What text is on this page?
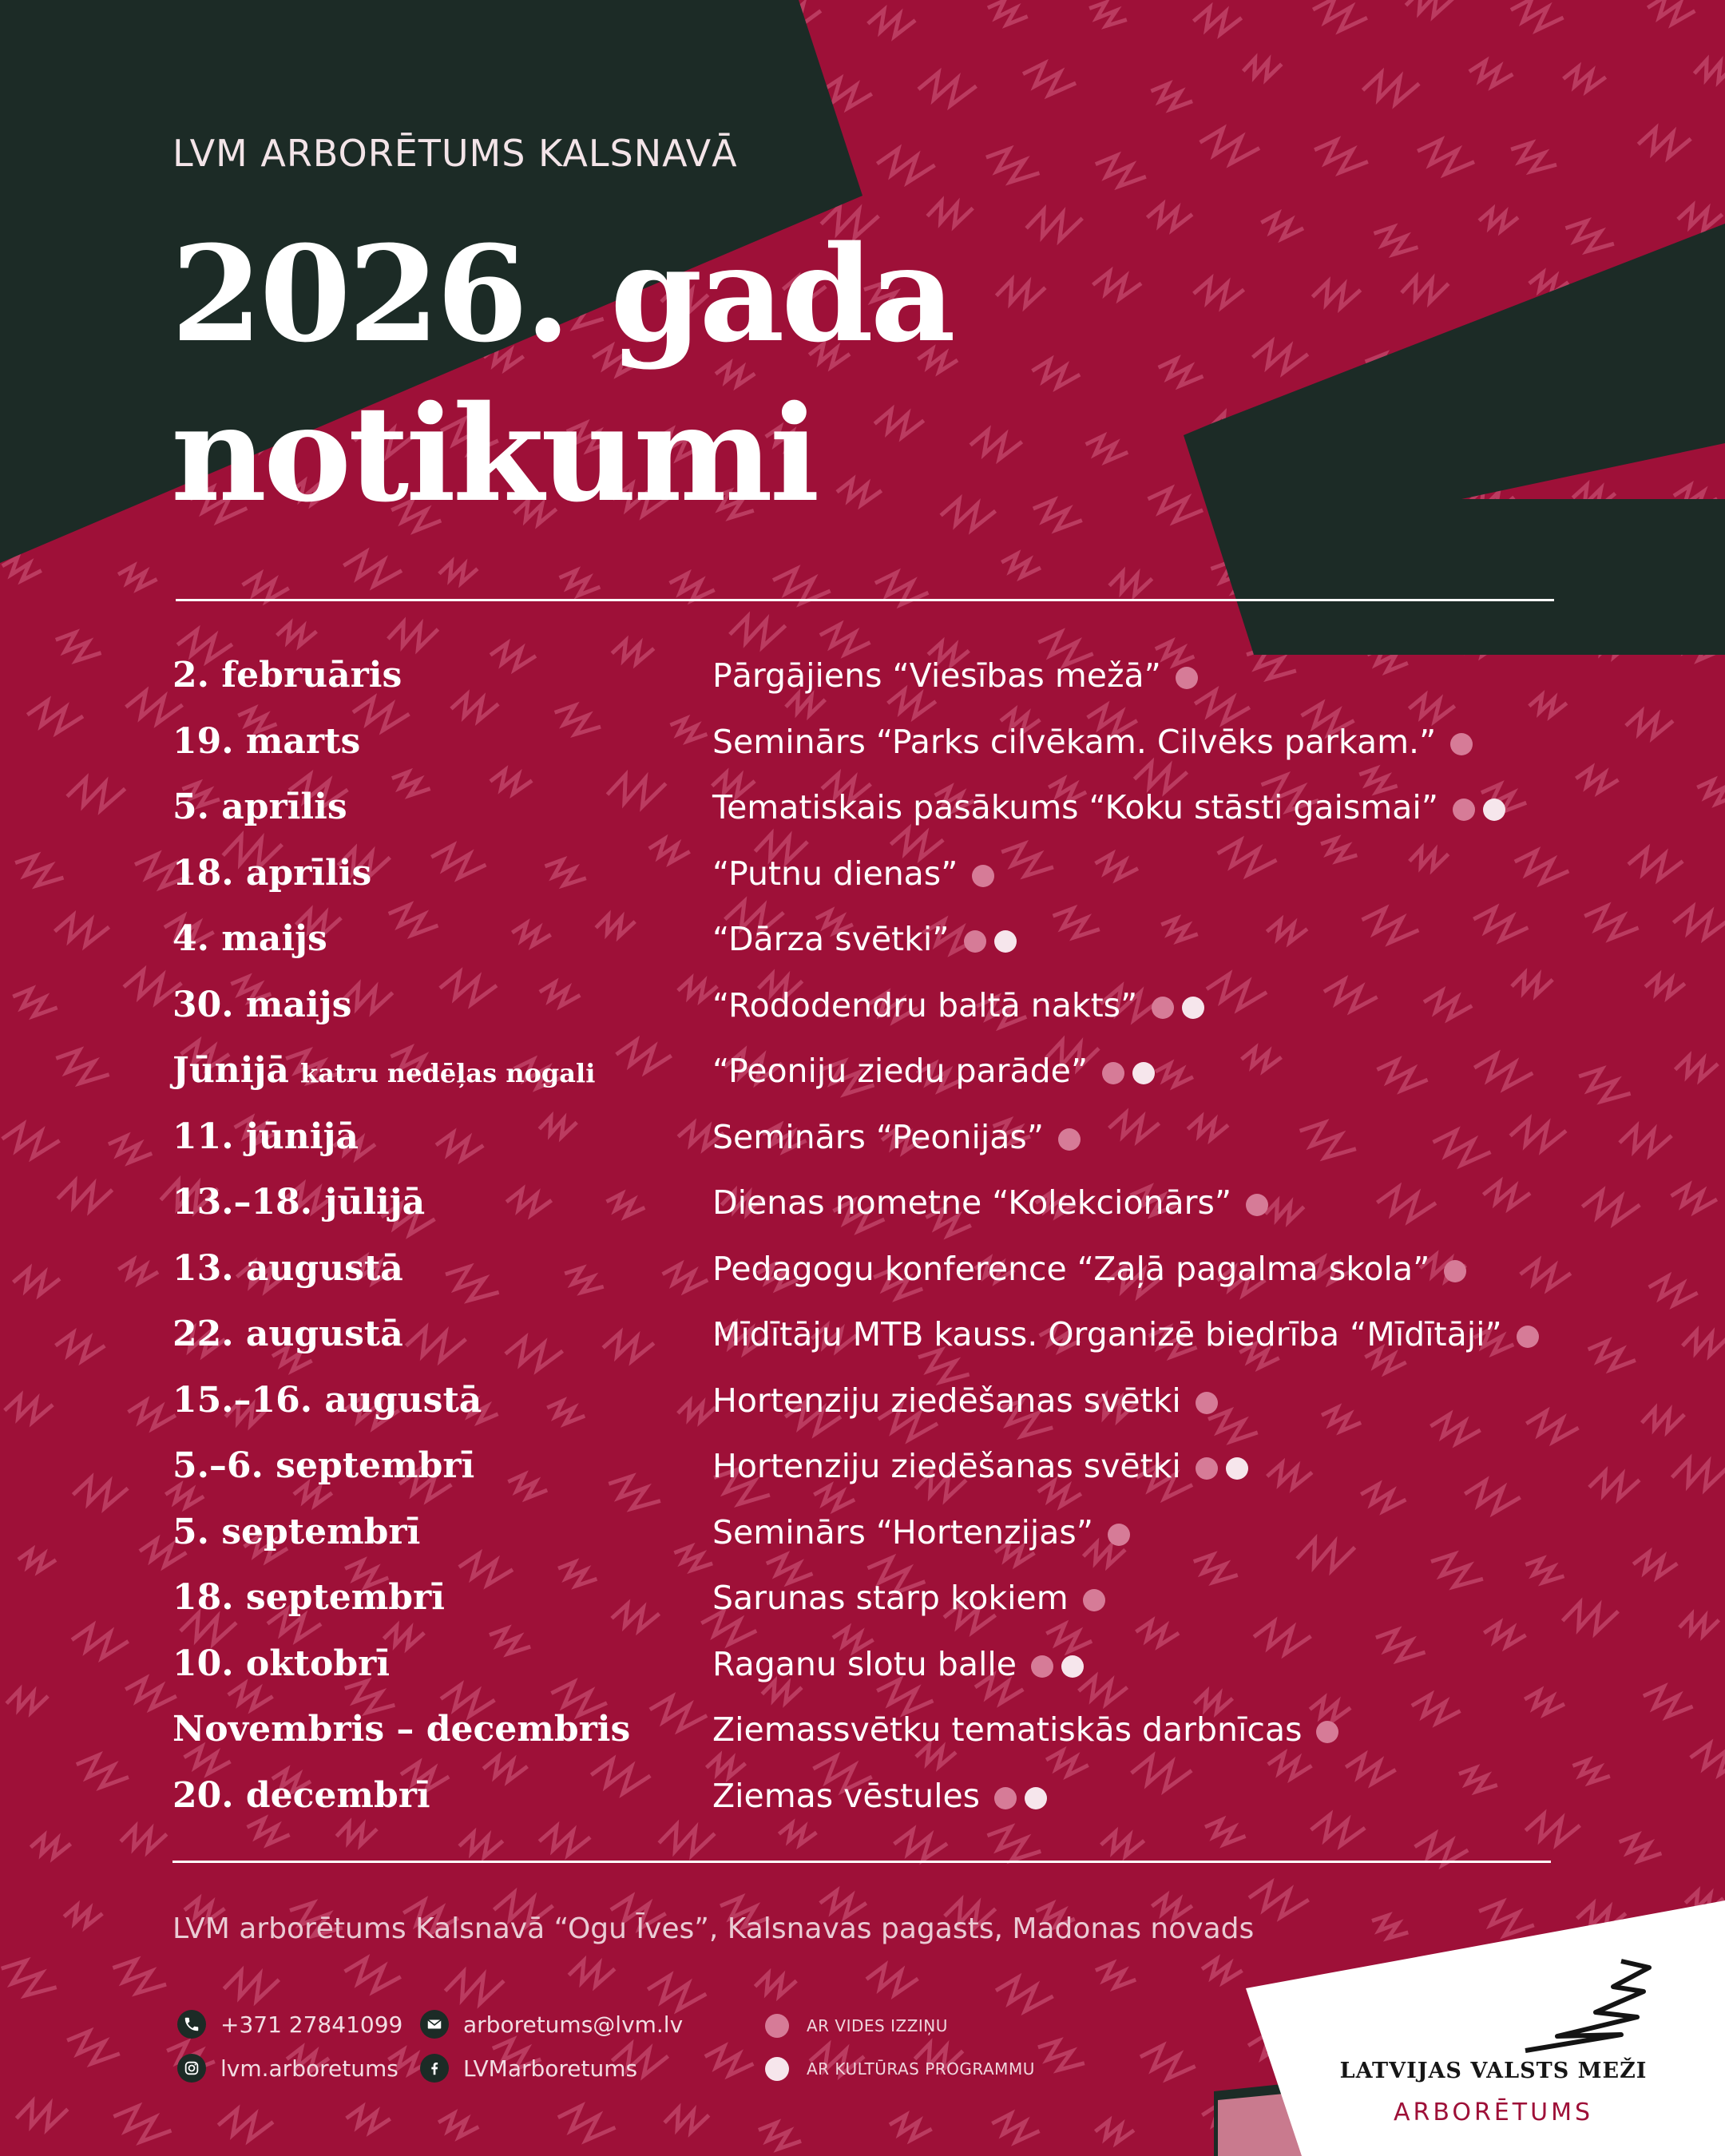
LVM ARBORĒTUMS KALSNAVĀ
2026. gada
notikumi
2. februāris	Pārgājiens “Viesības mežā”
19. marts	Seminārs “Parks cilvēkam. Cilvēks parkam.”
5. aprīlis	Tematiskais pasākums “Koku stāsti gaismai”
18. aprīlis	“Putnu dienas”
4. maijs	“Dārza svētki”
30. maijs	“Rododendru baltā nakts”
Jūnijā katru nedēļas nogali	“Peoniju ziedu parāde”
11. jūnijā	Seminārs “Peonijas”
13.–18. jūlijā	Dienas nometne “Kolekcionārs”
13. augustā	Pedagogu konference “Zaļā pagalma skola”
22. augustā	Mīdītāju MTB kauss. Organizē biedrība “Mīdītāji”
15.–16. augustā	Hortenziju ziedēšanas svētki
5.–6. septembrī	Hortenziju ziedēšanas svētki
5. septembrī	Seminārs “Hortenzijas”
18. septembrī	Sarunas starp kokiem
10. oktobrī	Raganu slotu balle
Novembris – decembris	Ziemassvētku tematiskās darbnīcas
20. decembrī	Ziemas vēstules
LVM arborētums Kalsnavā “Ogu Īves”, Kalsnavas pagasts, Madonas novads
+371 27841099	arboretums@lvm.lv
lvm.arboretums	LVMarboretums
AR VIDES IZZIŅU
AR KULTŪRAS PROGRAMMU	LATVIJAS VALSTS MEŽI
ARBORĒTUMS
